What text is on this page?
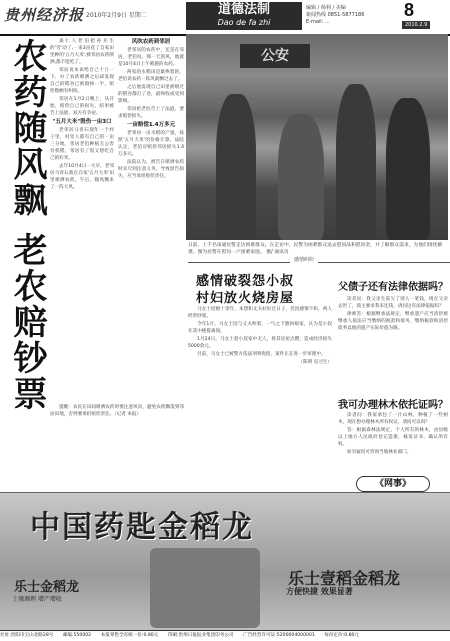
贵州经济报 2010年2月9日 星期二	道德法制
Dao de fa zhi
编辑 / 杨利 / 美编
新闻热线 0851-5877186
E-mail: ...
8
2010.2.9
农药随风飘 老农赔钞票	桑仁人老伯把孙先生的'劳'动了,一来3亩花了自家田里种的'五月大米',被邻居农药喷洒,都不能吃了。

邻居说本该给自己十斤一下，办了农药喷洒之后却发现自己的稻谷已被毁掉一半，赔偿数额有纠纷。

邻居在1月2日晚上，从开始，赔偿自己的损失，结果被告上法庭，双方有争论。

"五月大米"毁伤一亩3口

老邻居马青石现年一个村子里，村里人都有自己的一亩三分地，邻居老伯种植无公害有机稻，邻居有了饭又想吃自己的好米。

去年10月4日一大早，老邻居马青石就在自家'五月大米'田里喷洒农药。午后，随风飘来了一阵大风。

风吹农药到邻居

老邻居的农药中，还是在邻居，老伯说，那一天刮风，他就是10月4日上午喷施的农药。

两家的水稻田是紧挨着的，老伯说农药一阵风就飘过去了。

之后他发现自己田里被喷过的稻谷都打了卷，最终收成受到影响。

邻居把老伯告上了法庭，要求赔偿损失。

一亩赔偿1.4万多元

老邻居一亩水稻的产量，按照'五月大米'的价格计算。法院认定，老伯应赔偿邻居损失1.4万多元。

法院认为，被告在喷洒农药时未尽到注意义务，导致原告损失，应当承担赔偿责任。

提醒：农民在田间喷洒农药时要注意风向，避免农药飘落到邻居田地，否则要承担赔偿责任。（记者 本报）

公安
日前，上千名南通民警走访困难群众。在走访中，民警为困难群众送去慰问品和慰问金，并了解群众需求，为他们排忧解难。图为民警在慰问一户困难家庭。 摄/ 通讯员
感情纠纷
感情破裂怨小叔
村妇放火烧房屋

马女士结婚十余年，本想和丈夫好好过日子，但因感情不和，两人经常吵架。

今年1月，马女士因与丈夫吵架，一气之下跑回娘家，认为是小叔在其中挑拨离间。

1月24日，马女士趁小叔家中无人，将其房屋点燃，造成经济损失5000余元。

目前，马女士已被警方依法刑事拘留，案件正在进一步审理中。

（陈明 见习生）

父债子还有法律依据吗？

读者问：我父亲生前欠了别人一笔钱，现在父亲去世了，债主要求我来还钱，请问这有法律依据吗？

律师答：根据继承法规定，继承遗产应当清偿被继承人依法应当缴纳的税款和债务，缴纳税款和清偿债务以他的遗产实际价值为限。

我可办理林木依托证吗？

读者问：我家承包了一片山林，种植了一些树木，现在想办理林木所有权证，请问可以吗？

答：根据森林法规定，个人所有的林木，由县级以上地方人民政府登记造册，核发证书，确认所有权。

如有疑问可咨询当地林业部门。

《网事》
中国药匙金稻龙
乐士金稻龙
土壤调理 增产增收
乐士壹稻金稻龙
方便快捷 效果显著
社址:贵阳市宝山北路28号 邮编:550002 本报零售全省统一价:0.80元 印刷:贵州日报报业集团印务公司 广告经营许可证:5200004000001 每份定价:0.80元
